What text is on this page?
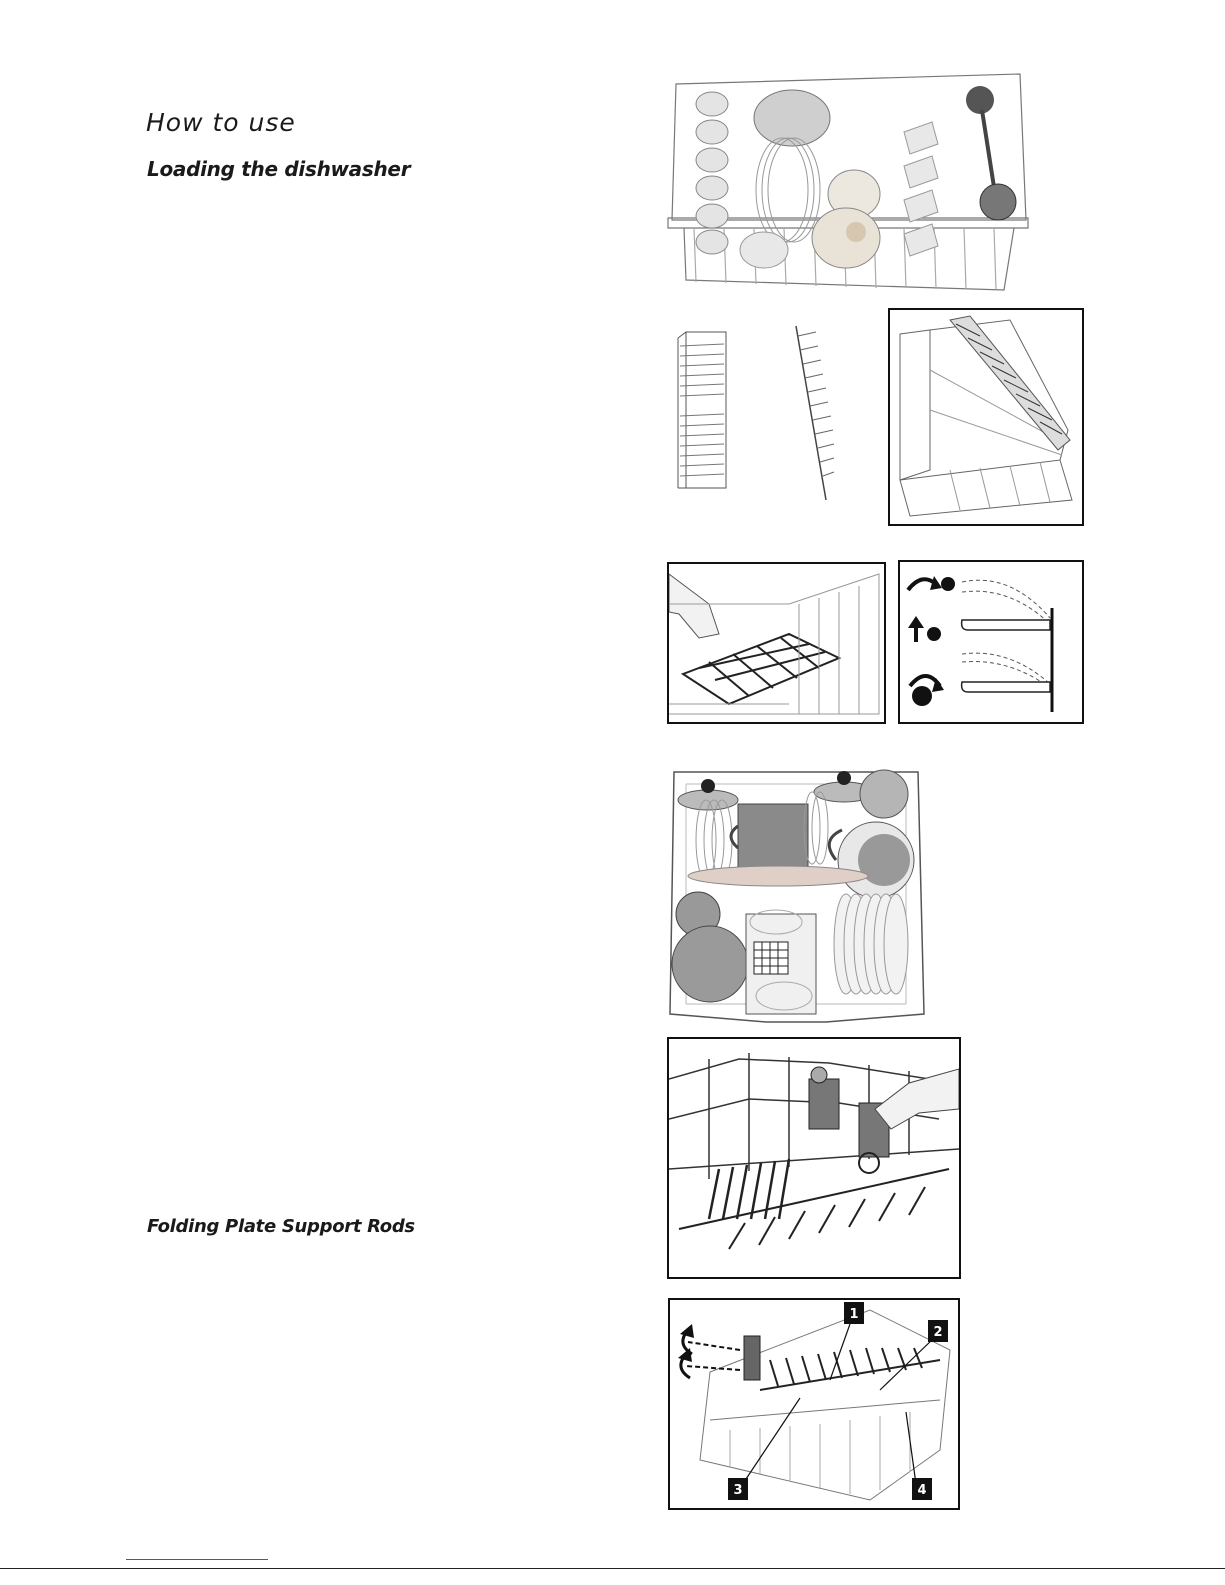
How to use
Loading the dishwasher
Folding Plate Support Rods
1
2
3	4
